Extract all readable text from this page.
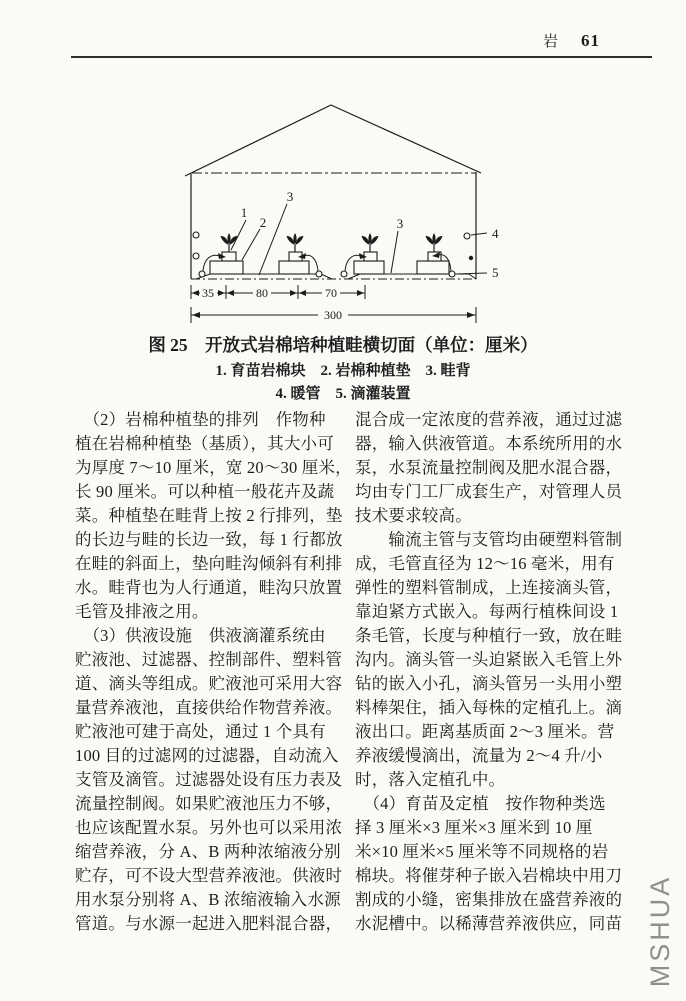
岩 61
1
2
3
3
4
5
35	80	70
300
图 25　开放式岩棉培种植畦横切面（单位：厘米）
1. 育苗岩棉块　2. 岩棉种植垫　3. 畦背
4. 暖管　5. 滴灌装置
　（2）岩棉种植垫的排列　作物种
植在岩棉种植垫（基质），其大小可
为厚度 7～10 厘米，宽 20～30 厘米，
长 90 厘米。可以种植一般花卉及蔬
菜。种植垫在畦背上按 2 行排列，垫
的长边与畦的长边一致，每 1 行都放
在畦的斜面上，垫向畦沟倾斜有利排
水。畦背也为人行通道，畦沟只放置
毛管及排液之用。
　（3）供液设施　供液滴灌系统由
贮液池、过滤器、控制部件、塑料管
道、滴头等组成。贮液池可采用大容
量营养液池，直接供给作物营养液。
贮液池可建于高处，通过 1 个具有
100 目的过滤网的过滤器，自动流入
支管及滴管。过滤器处设有压力表及
流量控制阀。如果贮液池压力不够，
也应该配置水泵。另外也可以采用浓
缩营养液，分 A、B 两种浓缩液分别
贮存，可不设大型营养液池。供液时
用水泵分别将 A、B 浓缩液输入水源
管道。与水源一起进入肥料混合器，
混合成一定浓度的营养液，通过过滤
器，输入供液管道。本系统所用的水
泵，水泵流量控制阀及肥水混合器，
均由专门工厂成套生产，对管理人员
技术要求较高。
　　输流主管与支管均由硬塑料管制
成，毛管直径为 12～16 毫米，用有
弹性的塑料管制成，上连接滴头管，
靠迫紧方式嵌入。每两行植株间设 1
条毛管，长度与种植行一致，放在畦
沟内。滴头管一头迫紧嵌入毛管上外
钻的嵌入小孔，滴头管另一头用小塑
料棒架住，插入每株的定植孔上。滴
液出口。距离基质面 2～3 厘米。营
养液缓慢滴出，流量为 2～4 升/小
时，落入定植孔中。
　（4）育苗及定植　按作物种类选
择 3 厘米×3 厘米×3 厘米到 10 厘
米×10 厘米×5 厘米等不同规格的岩
棉块。将催芽种子嵌入岩棉块中用刀
割成的小缝，密集排放在盛营养液的
水泥槽中。以稀薄营养液供应，同苗 MSHUA
